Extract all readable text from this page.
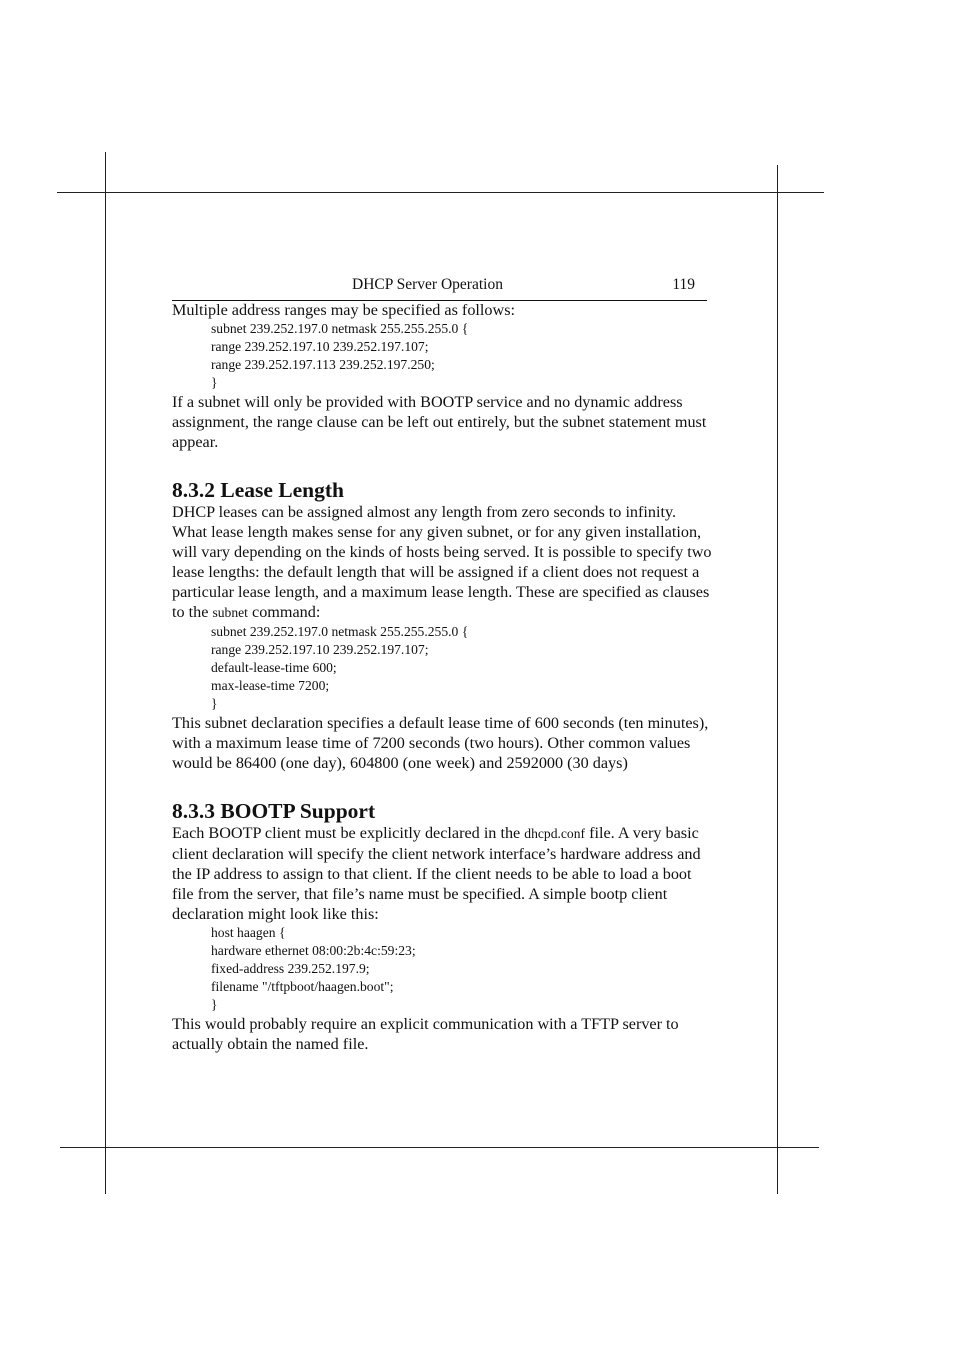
DHCP Server Operation	119

Multiple address ranges may be specified as follows:

subnet 239.252.197.0 netmask 255.255.255.0 {
range 239.252.197.10 239.252.197.107;
range 239.252.197.113 239.252.197.250;
}

If a subnet will only be provided with BOOTP service and no dynamic address assignment, the range clause can be left out entirely, but the subnet statement must appear.

8.3.2 Lease Length

DHCP leases can be assigned almost any length from zero seconds to infinity. What lease length makes sense for any given subnet, or for any given installation, will vary depending on the kinds of hosts being served. It is possible to specify two lease lengths: the default length that will be assigned if a client does not request a particular lease length, and a maximum lease length. These are specified as clauses to the subnet command:

subnet 239.252.197.0 netmask 255.255.255.0 {
range 239.252.197.10 239.252.197.107;
default-lease-time 600;
max-lease-time 7200;
}

This subnet declaration specifies a default lease time of 600 seconds (ten minutes), with a maximum lease time of 7200 seconds (two hours). Other common values would be 86400 (one day), 604800 (one week) and 2592000 (30 days)

8.3.3 BOOTP Support

Each BOOTP client must be explicitly declared in the dhcpd.conf file. A very basic client declaration will specify the client network interface’s hardware address and the IP address to assign to that client. If the client needs to be able to load a boot file from the server, that file’s name must be specified. A simple bootp client declaration might look like this:

host haagen {
hardware ethernet 08:00:2b:4c:59:23;
fixed-address 239.252.197.9;
filename "/tftpboot/haagen.boot";
}

This would probably require an explicit communication with a TFTP server to actually obtain the named file.
